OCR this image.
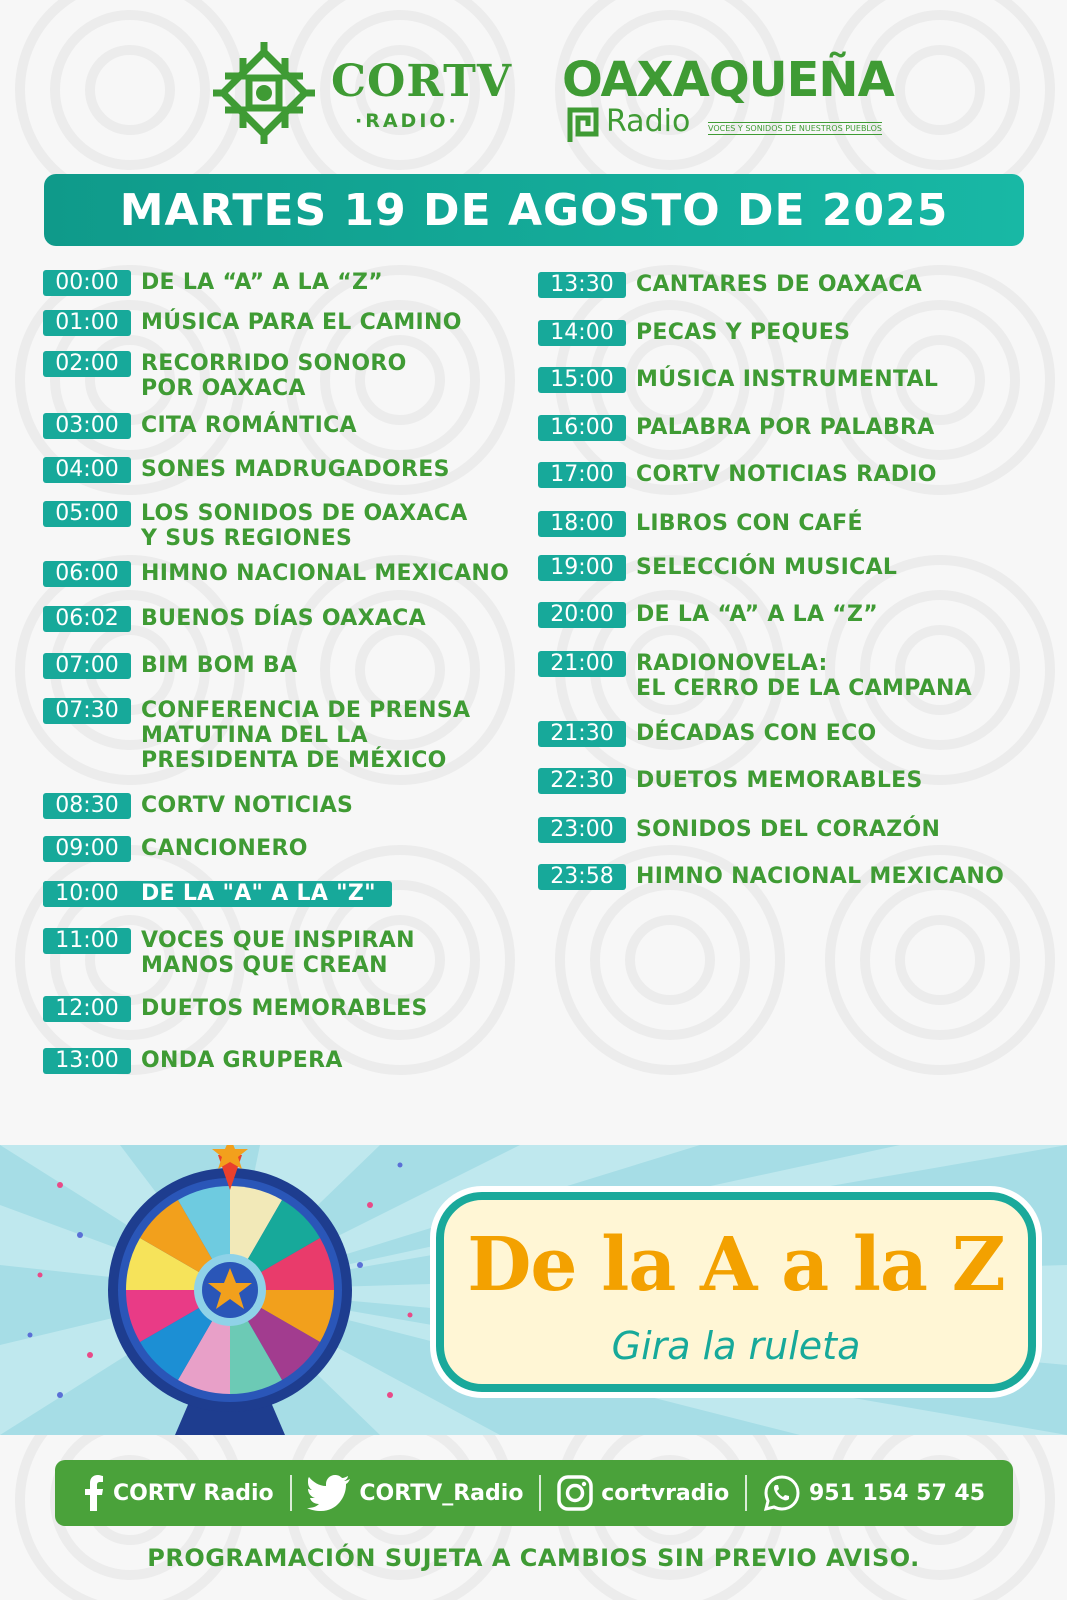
CORTV
·RADIO·
OAXAQUEÑA
Radio VOCES Y SONIDOS DE NUESTROS PUEBLOS
MARTES 19 DE AGOSTO DE 2025
00:00	DE LA “A” A LA “Z”
01:00	MÚSICA PARA EL CAMINO
02:00	RECORRIDO SONORO
POR OAXACA
03:00	CITA ROMÁNTICA
04:00	SONES MADRUGADORES
05:00	LOS SONIDOS DE OAXACA
Y SUS REGIONES
06:00	HIMNO NACIONAL MEXICANO
06:02	BUENOS DÍAS OAXACA
07:00	BIM BOM BA
07:30	CONFERENCIA DE PRENSA
MATUTINA DEL LA
PRESIDENTA DE MÉXICO
08:30	CORTV NOTICIAS
09:00	CANCIONERO
10:00	DE LA "A" A LA "Z"
11:00	VOCES QUE INSPIRAN
MANOS QUE CREAN
12:00	DUETOS MEMORABLES
13:00	ONDA GRUPERA
13:30	CANTARES DE OAXACA
14:00	PECAS Y PEQUES
15:00	MÚSICA INSTRUMENTAL
16:00	PALABRA POR PALABRA
17:00	CORTV NOTICIAS RADIO
18:00	LIBROS CON CAFÉ
19:00	SELECCIÓN MUSICAL
20:00	DE LA “A” A LA “Z”
21:00	RADIONOVELA:
EL CERRO DE LA CAMPANA
21:30	DÉCADAS CON ECO
22:30	DUETOS MEMORABLES
23:00	SONIDOS DEL CORAZÓN
23:58	HIMNO NACIONAL MEXICANO
De la A a la Z
Gira la ruleta
CORTV Radio	CORTV_Radio	cortvradio	951 154 57 45
PROGRAMACIÓN SUJETA A CAMBIOS SIN PREVIO AVISO.
